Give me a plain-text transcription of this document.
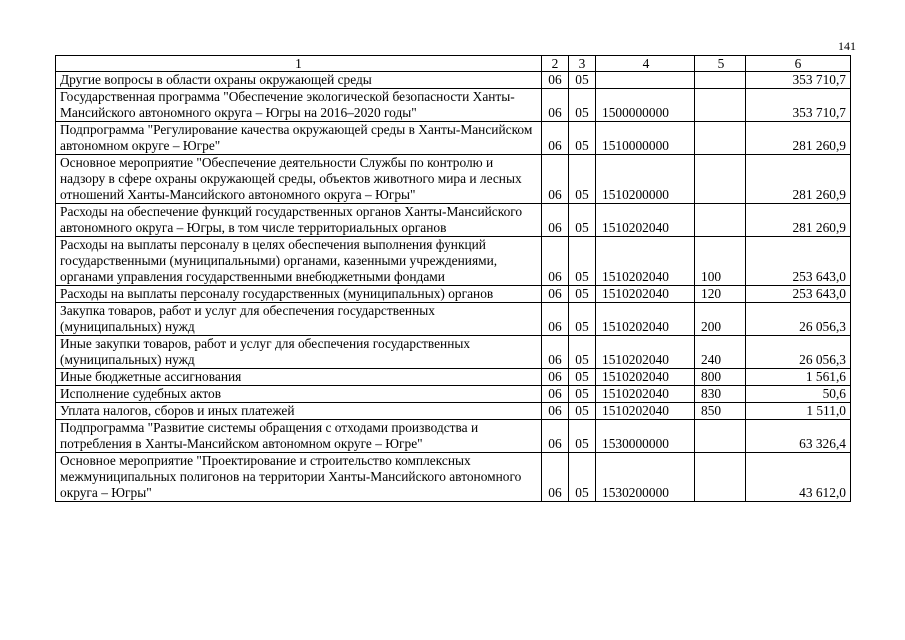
141
1	2	3	4	5	6
Другие вопросы в области охраны окружающей среды	06	05			353 710,7
Государственная программа "Обеспечение экологической безопасности Ханты-Мансийского автономного округа – Югры на 2016–2020 годы"	06	05	1500000000		353 710,7
Подпрограмма "Регулирование качества окружающей среды в Ханты-Мансийском автономном округе – Югре"	06	05	1510000000		281 260,9
Основное мероприятие "Обеспечение деятельности Службы по контролю и надзору в сфере охраны окружающей среды, объектов животного мира и лесных отношений Ханты-Мансийского автономного округа – Югры"	06	05	1510200000		281 260,9
Расходы на обеспечение функций государственных органов Ханты-Мансийского автономного округа – Югры, в том числе территориальных органов	06	05	1510202040		281 260,9
Расходы на выплаты персоналу в целях обеспечения выполнения функций государственными (муниципальными) органами, казенными учреждениями, органами управления государственными внебюджетными фондами	06	05	1510202040	100	253 643,0
Расходы на выплаты персоналу государственных (муниципальных) органов	06	05	1510202040	120	253 643,0
Закупка товаров, работ и услуг для обеспечения государственных (муниципальных) нужд	06	05	1510202040	200	26 056,3
Иные закупки товаров, работ и услуг для обеспечения государственных (муниципальных) нужд	06	05	1510202040	240	26 056,3
Иные бюджетные ассигнования	06	05	1510202040	800	1 561,6
Исполнение судебных актов	06	05	1510202040	830	50,6
Уплата налогов, сборов и иных платежей	06	05	1510202040	850	1 511,0
Подпрограмма "Развитие системы обращения с отходами производства и потребления в Ханты-Мансийском автономном округе – Югре"	06	05	1530000000		63 326,4
Основное мероприятие "Проектирование и строительство комплексных межмуниципальных полигонов на территории Ханты-Мансийского автономного округа – Югры"	06	05	1530200000		43 612,0
